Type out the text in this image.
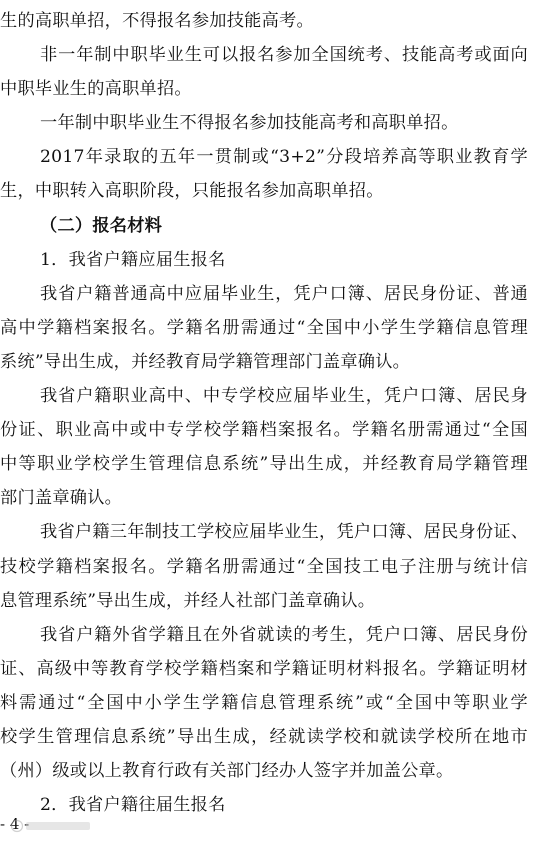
生的高职单招，不得报名参加技能高考。
非一年制中职毕业生可以报名参加全国统考、技能高考或面向
中职毕业生的高职单招。
一年制中职毕业生不得报名参加技能高考和高职单招。
2017年录取的五年一贯制或“3+2”分段培养高等职业教育学
生，中职转入高职阶段，只能报名参加高职单招。
（二）报名材料
1．我省户籍应届生报名
我省户籍普通高中应届毕业生，凭户口簿、居民身份证、普通
高中学籍档案报名。学籍名册需通过“全国中小学生学籍信息管理
系统”导出生成，并经教育局学籍管理部门盖章确认。
我省户籍职业高中、中专学校应届毕业生，凭户口簿、居民身
份证、职业高中或中专学校学籍档案报名。学籍名册需通过“全国
中等职业学校学生管理信息系统”导出生成，并经教育局学籍管理
部门盖章确认。
我省户籍三年制技工学校应届毕业生，凭户口簿、居民身份证、
技校学籍档案报名。学籍名册需通过“全国技工电子注册与统计信
息管理系统”导出生成，并经人社部门盖章确认。
我省户籍外省学籍且在外省就读的考生，凭户口簿、居民身份
证、高级中等教育学校学籍档案和学籍证明材料报名。学籍证明材
料需通过“全国中小学生学籍信息管理系统”或“全国中等职业学
校学生管理信息系统”导出生成，经就读学校和就读学校所在地市
（州）级或以上教育行政有关部门经办人签字并加盖公章。
2．我省户籍往届生报名
- 4 -
